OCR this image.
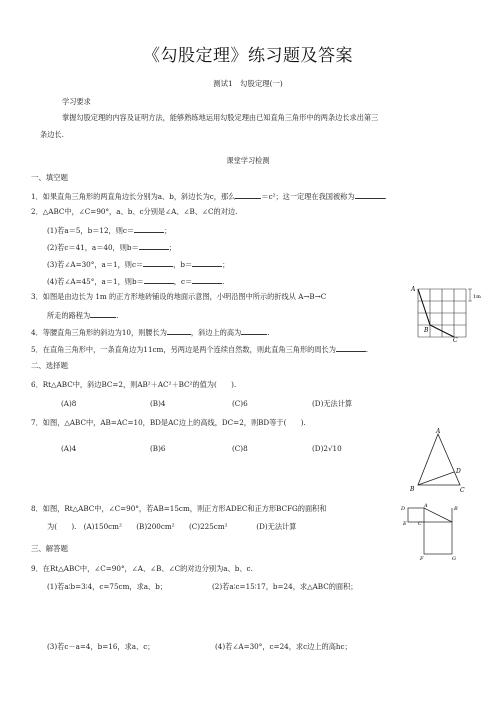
《勾股定理》练习题及答案
测试1　勾股定理(一)
学习要求
掌握勾股定理的内容及证明方法，能够熟练地运用勾股定理由已知直角三角形中的两条边长求出第三
条边长.
课堂学习检测
一、填空题
1．如果直角三角形的两直角边长分别为a、b，斜边长为c，那么	＝c²；这一定理在我国被称为	.
2．△ABC中，∠C=90°，a、b、c分别是∠A、∠B、∠C的对边.
(1)若a＝5，b＝12，则c＝	；
(2)若c＝41，a＝40，则b＝	；
(3)若∠A=30°，a＝1，则c＝	，b＝	；
(4)若∠A=45°，a＝1，则b＝	，c＝	.
3．如图是由边长为 1m 的正方形地砖铺设的地面示意图，小明沿图中所示的折线从 A→B→C
所走的路程为	.
4．等腰直角三角形的斜边为10，则腰长为	，斜边上的高为	.
5．在直角三角形中，一条直角边为11cm，另两边是两个连续自然数，则此直角三角形的周长为	.
二、选择题
6．Rt△ABC中，斜边BC=2，则AB²＋AC²＋BC²的值为(　　).
(A)8	(B)4	(C)6	(D)无法计算
7．如图，△ABC中，AB=AC=10，BD是AC边上的高线，DC=2，则BD等于(　　).
(A)4	(B)6	(C)8	(D)2√10
8．如图，Rt△ABC中，∠C=90°，若AB=15cm，则正方形ADEC和正方形BCFG的面积和
为(　　).　(A)150cm²　　(B)200cm²　　(C)225cm²　　　　(D)无法计算
三、解答题
9．在Rt△ABC中，∠C=90°，∠A、∠B、∠C的对边分别为a、b、c.
(1)若a∶b=3∶4，c=75cm，求a、b；	(2)若a∶c=15∶17，b=24，求△ABC的面积；
(3)若c－a=4，b=16，求a、c；	(4)若∠A=30°，c=24，求c边上的高hc；
A
B
C
1m
A
B	C
D
D	A
E C
B
F	G
